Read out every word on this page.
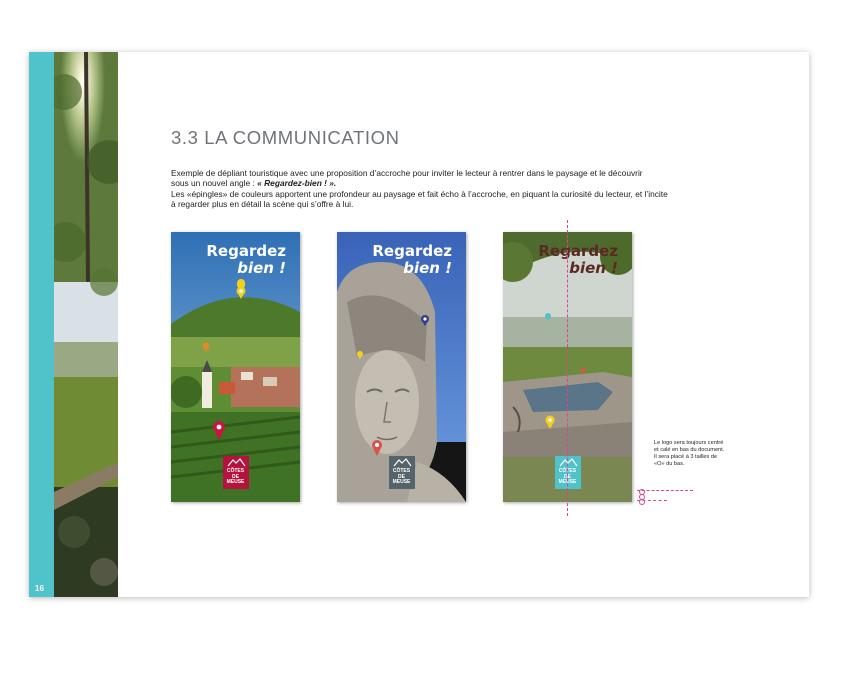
16
3.3 LA COMMUNICATION

Exemple de dépliant touristique avec une proposition d’accroche pour inviter le lecteur à rentrer dans le paysage et le découvrir

sous un nouvel angle : « Regardez-bien ! ».

Les «épingles» de couleurs apportent une profondeur au paysage et fait écho à l’accroche, en piquant la curiosité du lecteur, et l’incite

à regarder plus en détail la scène qui s’offre à lui.

Regardez
bien !
CÔTES
DE
MEUSE
Regardez
bien !
CÔTES
DE
MEUSE
Regardez
bien !
CÔTES
DE
MEUSE
Le logo sera toujours centré et calé en bas du document. Il sera placé à 3 tailles de «O» du bas.
